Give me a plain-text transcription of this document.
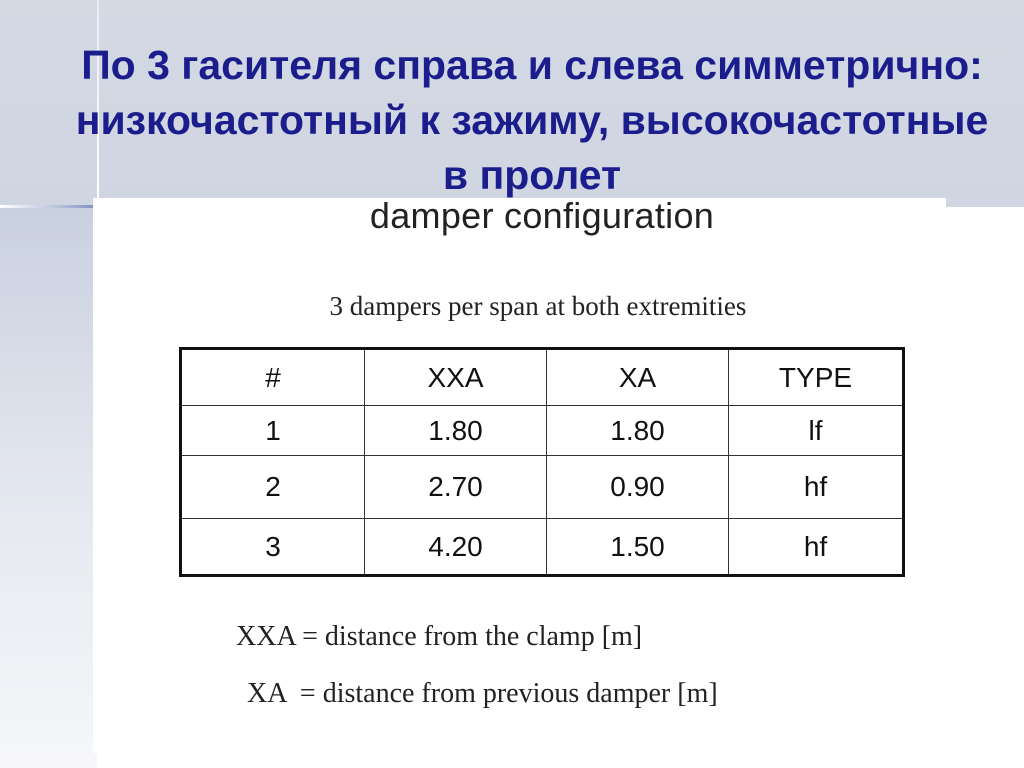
По 3 гасителя справа и слева симметрично: низкочастотный к зажиму, высокочастотные в пролет
damper configuration
3 dampers per span at both extremities
#	XXA	XA	TYPE
1	1.80	1.80	lf
2	2.70	0.90	hf
3	4.20	1.50	hf
XXA = distance from the clamp [m]
XA  = distance from previous damper [m]
